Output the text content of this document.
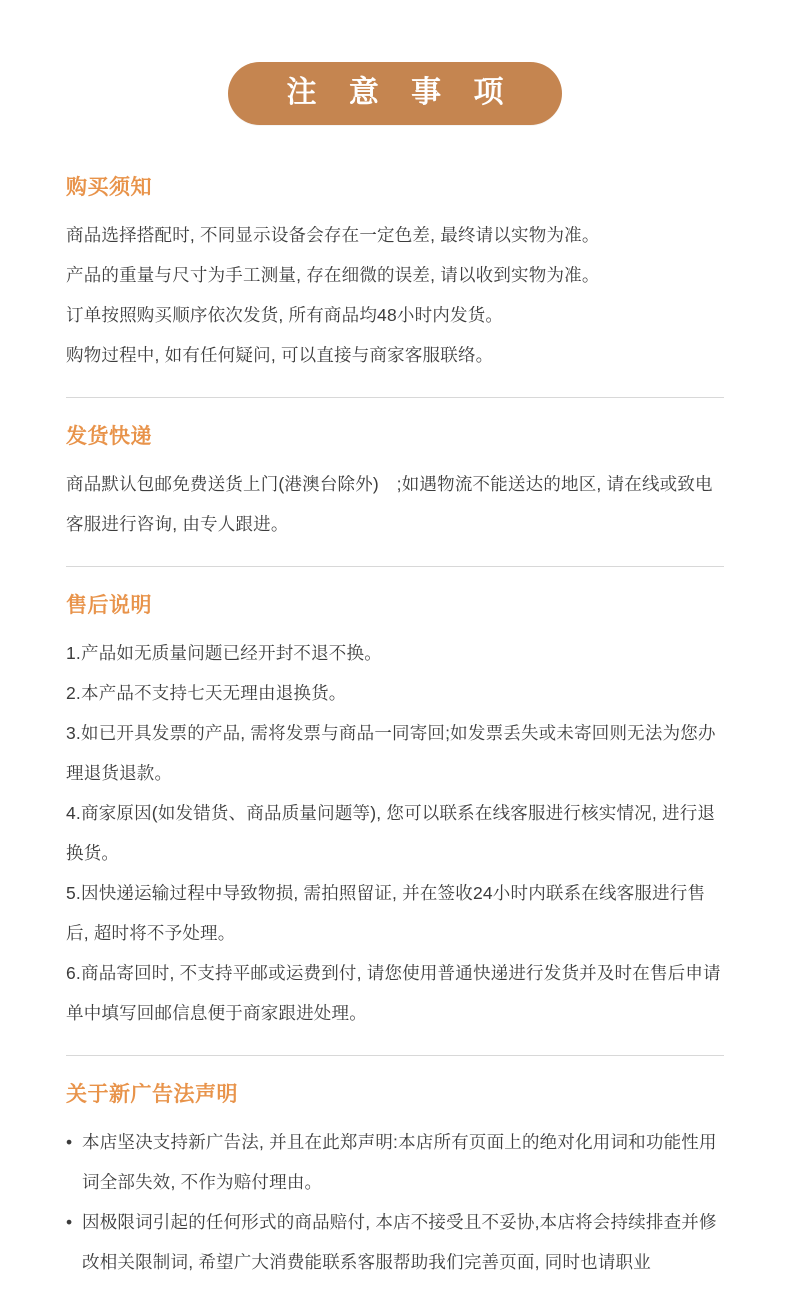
注 意 事 项
购买须知

商品选择搭配时, 不同显示设备会存在一定色差, 最终请以实物为准。

产品的重量与尺寸为手工测量, 存在细微的误差, 请以收到实物为准。

订单按照购买顺序依次发货, 所有商品均48小时内发货。

购物过程中, 如有任何疑问, 可以直接与商家客服联络。

发货快递

商品默认包邮免费送货上门(港澳台除外)　;如遇物流不能送达的地区, 请在线或致电客服进行咨询, 由专人跟进。

售后说明

1.产品如无质量问题已经开封不退不换。

2.本产品不支持七天无理由退换货。

3.如已开具发票的产品, 需将发票与商品一同寄回;如发票丢失或未寄回则无法为您办理退货退款。

4.商家原因(如发错货、商品质量问题等), 您可以联系在线客服进行核实情况, 进行退换货。

5.因快递运输过程中导致物损, 需拍照留证, 并在签收24小时内联系在线客服进行售后, 超时将不予处理。

6.商品寄回时, 不支持平邮或运费到付, 请您使用普通快递进行发货并及时在售后申请单中填写回邮信息便于商家跟进处理。

关于新广告法声明

• 本店坚决支持新广告法, 并且在此郑声明:本店所有页面上的绝对化用词和功能性用词全部失效, 不作为赔付理由。

• 因极限词引起的任何形式的商品赔付, 本店不接受且不妥协,本店将会持续排查并修改相关限制词, 希望广大消费能联系客服帮助我们完善页面, 同时也请职业
